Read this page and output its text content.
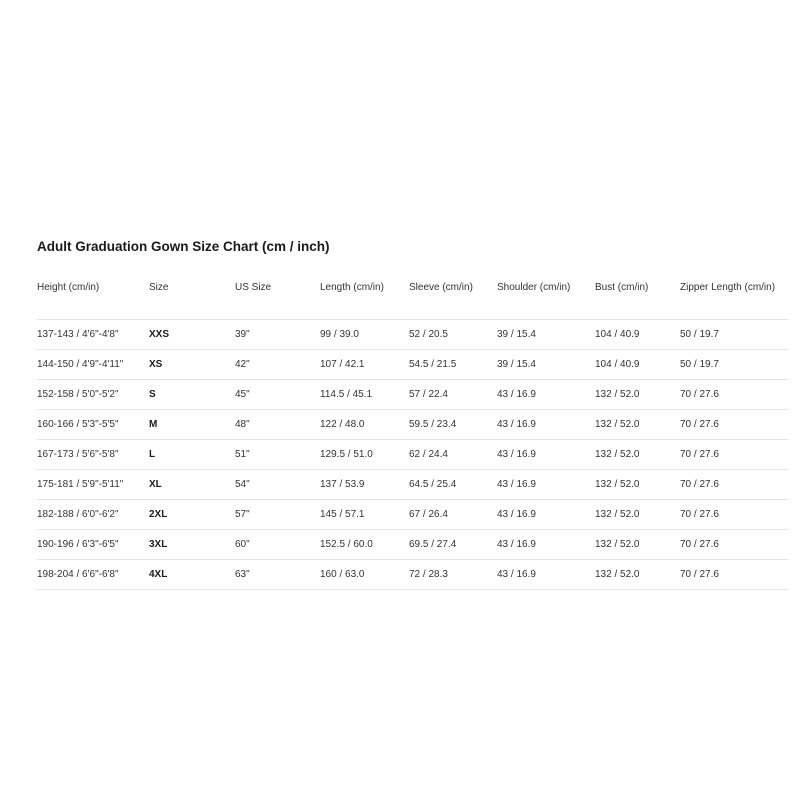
Adult Graduation Gown Size Chart (cm / inch)
Height (cm/in)	Size	US Size	Length (cm/in)	Sleeve (cm/in)	Shoulder (cm/in)	Bust (cm/in)	Zipper Length (cm/in)
137-143 / 4'6"-4'8"	XXS	39"	99 / 39.0	52 / 20.5	39 / 15.4	104 / 40.9	50 / 19.7
144-150 / 4'9"-4'11"	XS	42"	107 / 42.1	54.5 / 21.5	39 / 15.4	104 / 40.9	50 / 19.7
152-158 / 5'0"-5'2"	S	45"	114.5 / 45.1	57 / 22.4	43 / 16.9	132 / 52.0	70 / 27.6
160-166 / 5'3"-5'5"	M	48"	122 / 48.0	59.5 / 23.4	43 / 16.9	132 / 52.0	70 / 27.6
167-173 / 5'6"-5'8"	L	51"	129.5 / 51.0	62 / 24.4	43 / 16.9	132 / 52.0	70 / 27.6
175-181 / 5'9"-5'11"	XL	54"	137 / 53.9	64.5 / 25.4	43 / 16.9	132 / 52.0	70 / 27.6
182-188 / 6'0"-6'2"	2XL	57"	145 / 57.1	67 / 26.4	43 / 16.9	132 / 52.0	70 / 27.6
190-196 / 6'3"-6'5"	3XL	60"	152.5 / 60.0	69.5 / 27.4	43 / 16.9	132 / 52.0	70 / 27.6
198-204 / 6'6"-6'8"	4XL	63"	160 / 63.0	72 / 28.3	43 / 16.9	132 / 52.0	70 / 27.6
